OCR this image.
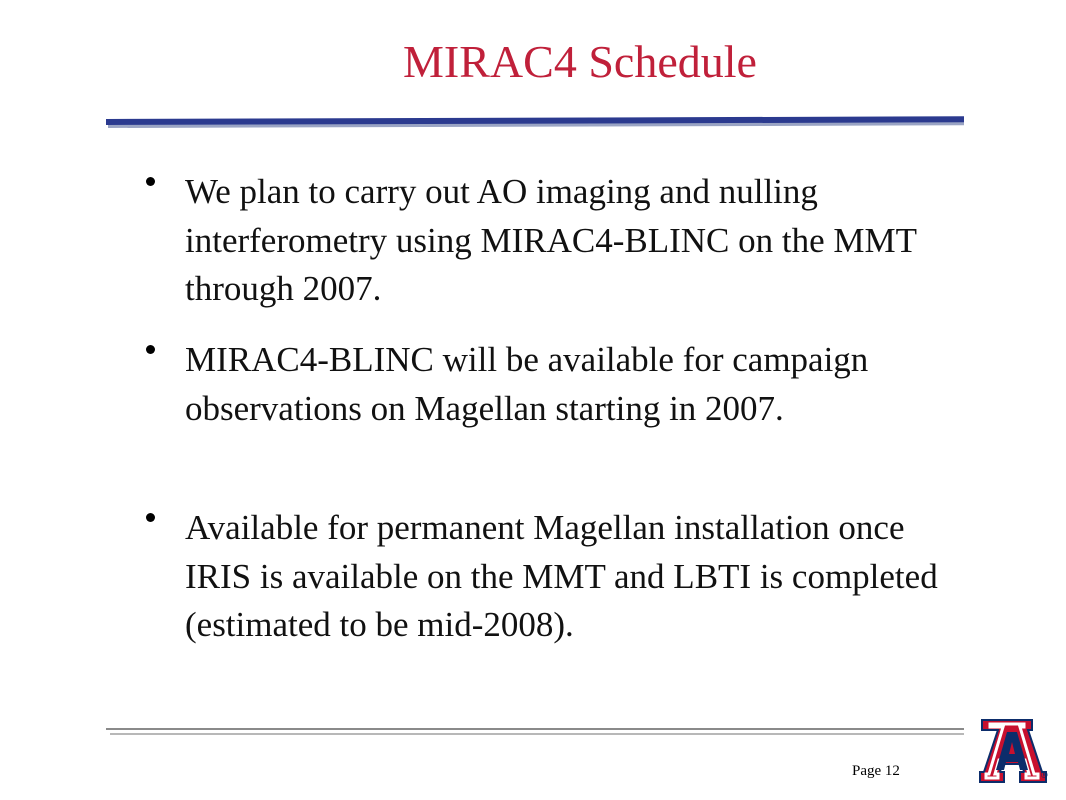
MIRAC4 Schedule
We plan to carry out AO imaging and nulling interferometry using MIRAC4-BLINC on the MMT through 2007.
MIRAC4-BLINC will be available for campaign observations on Magellan starting in 2007.
Available for permanent Magellan installation once IRIS is available on the MMT and LBTI is completed (estimated to be mid-2008).
Page 12	®
